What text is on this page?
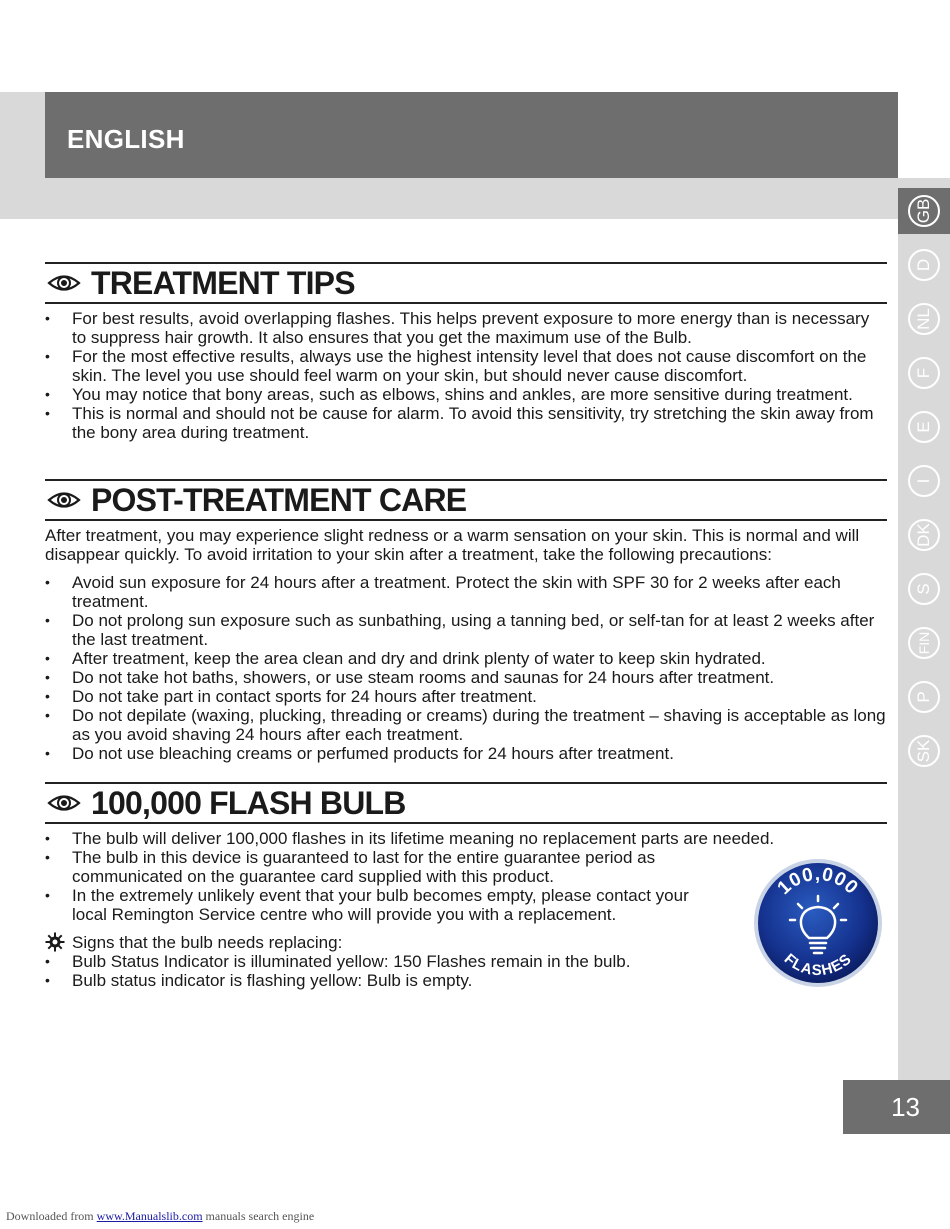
ENGLISH
GB
D
NL
F
E
I
DK
S
FIN
P
SK
TREATMENT TIPS
• For best results, avoid overlapping flashes. This helps prevent exposure to more energy than is necessary to suppress hair growth. It also ensures that you get the maximum use of the Bulb.
• For the most effective results, always use the highest intensity level that does not cause discomfort on the skin. The level you use should feel warm on your skin, but should never cause discomfort.
• You may notice that bony areas, such as elbows, shins and ankles, are more sensitive during treatment.
• This is normal and should not be cause for alarm. To avoid this sensitivity, try stretching the skin away from the bony area during treatment.
POST-TREATMENT CARE

After treatment, you may experience slight redness or a warm sensation on your skin. This is normal and will disappear quickly. To avoid irritation to your skin after a treatment, take the following precautions:

• Avoid sun exposure for 24 hours after a treatment. Protect the skin with SPF 30 for 2 weeks after each treatment.
• Do not prolong sun exposure such as sunbathing, using a tanning bed, or self-tan for at least 2 weeks after the last treatment.
• After treatment, keep the area clean and dry and drink plenty of water to keep skin hydrated.
• Do not take hot baths, showers, or use steam rooms and saunas for 24 hours after treatment.
• Do not take part in contact sports for 24 hours after treatment.
• Do not depilate (waxing, plucking, threading or creams) during the treatment – shaving is acceptable as long as you avoid shaving 24 hours after each treatment.
• Do not use bleaching creams or perfumed products for 24 hours after treatment.
100,000 FLASH BULB
• The bulb will deliver 100,000 flashes in its lifetime meaning no replacement parts are needed.
• The bulb in this device is guaranteed to last for the entire guarantee period as communicated on the guarantee card supplied with this product.
• In the extremely unlikely event that your bulb becomes empty, please contact your local Remington Service centre who will provide you with a replacement.
Signs that the bulb needs replacing:
• Bulb Status Indicator is illuminated yellow: 150 Flashes remain in the bulb.
• Bulb status indicator is flashing yellow: Bulb is empty.
100,000
FLASHES
13
Downloaded from www.Manualslib.com manuals search engine
